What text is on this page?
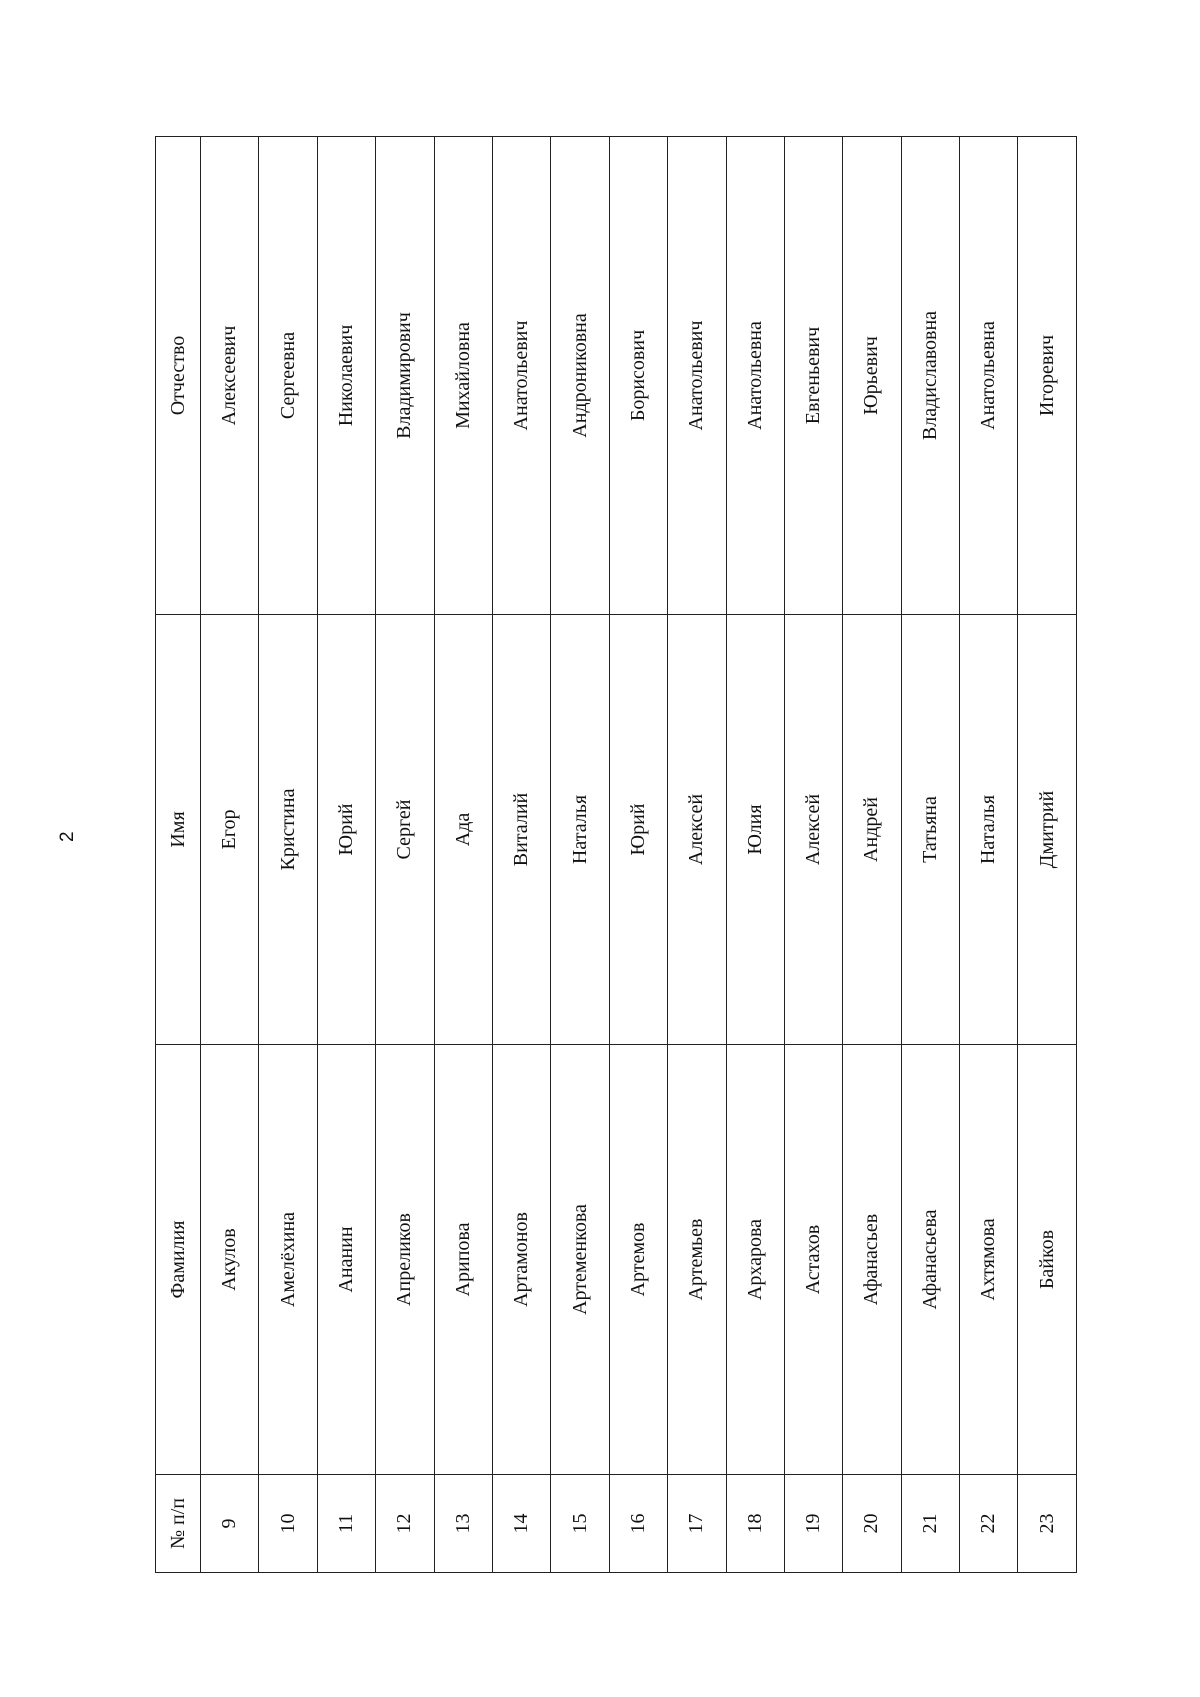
2
№ п/п	Фамилия	Имя	Отчество
9	Акулов	Егор	Алексеевич
10	Амелёхина	Кристина	Сергеевна
11	Ананин	Юрий	Николаевич
12	Апреликов	Сергей	Владимирович
13	Арипова	Ада	Михайловна
14	Артамонов	Виталий	Анатольевич
15	Артеменкова	Наталья	Андрониковна
16	Артемов	Юрий	Борисович
17	Артемьев	Алексей	Анатольевич
18	Архарова	Юлия	Анатольевна
19	Астахов	Алексей	Евгеньевич
20	Афанасьев	Андрей	Юрьевич
21	Афанасьева	Татьяна	Владиславовна
22	Ахтямова	Наталья	Анатольевна
23	Байков	Дмитрий	Игоревич
